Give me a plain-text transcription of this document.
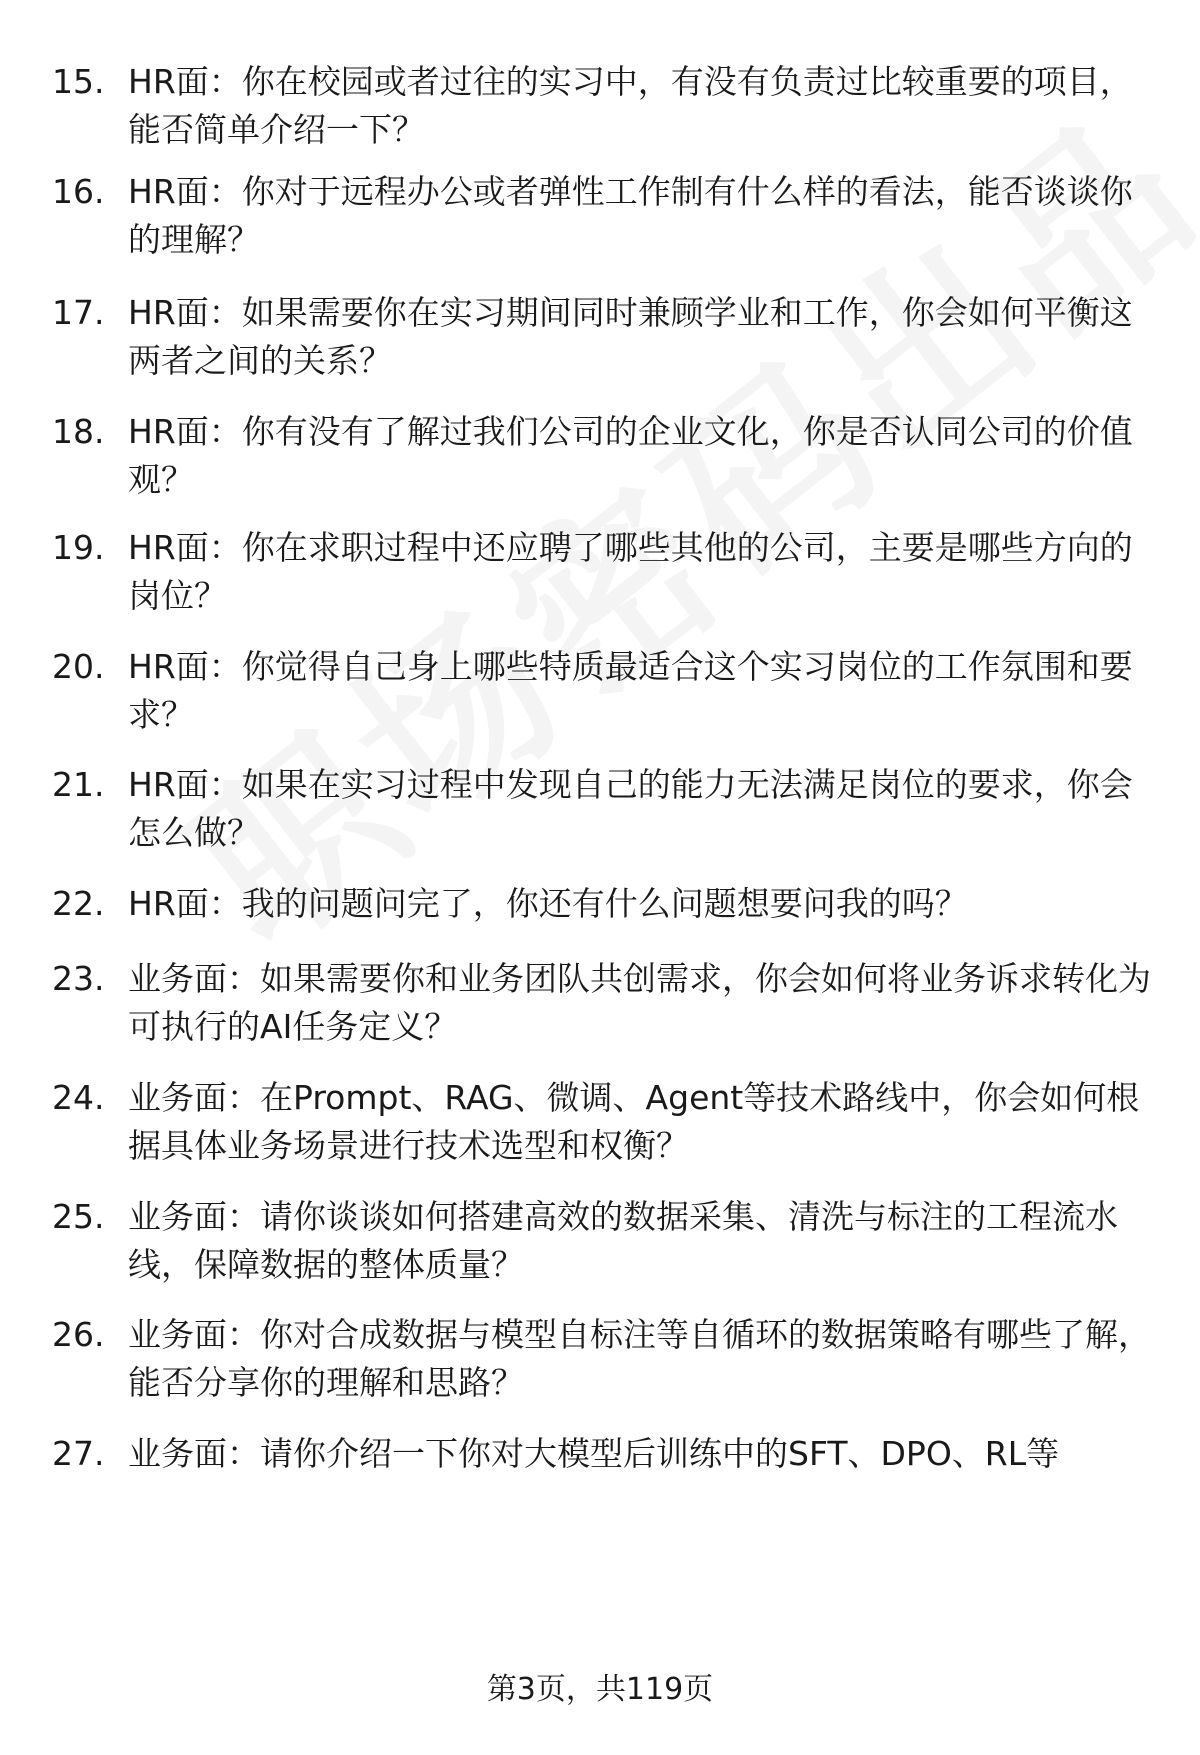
15. HR面：你在校园或者过往的实习中，有没有负责过比较重要的项目，能否简单介绍一下？
16. HR面：你对于远程办公或者弹性工作制有什么样的看法，能否谈谈你的理解？
17. HR面：如果需要你在实习期间同时兼顾学业和工作，你会如何平衡这两者之间的关系？
18. HR面：你有没有了解过我们公司的企业文化，你是否认同公司的价值观？
19. HR面：你在求职过程中还应聘了哪些其他的公司，主要是哪些方向的岗位？
20. HR面：你觉得自己身上哪些特质最适合这个实习岗位的工作氛围和要求？
21. HR面：如果在实习过程中发现自己的能力无法满足岗位的要求，你会怎么做？
22. HR面：我的问题问完了，你还有什么问题想要问我的吗？
23. 业务面：如果需要你和业务团队共创需求，你会如何将业务诉求转化为可执行的AI任务定义？
24. 业务面：在Prompt、RAG、微调、Agent等技术路线中，你会如何根据具体业务场景进行技术选型和权衡？
25. 业务面：请你谈谈如何搭建高效的数据采集、清洗与标注的工程流水线，保障数据的整体质量？
26. 业务面：你对合成数据与模型自标注等自循环的数据策略有哪些了解，能否分享你的理解和思路？
27. 业务面：请你介绍一下你对大模型后训练中的SFT、DPO、RL等
第3页，共119页
